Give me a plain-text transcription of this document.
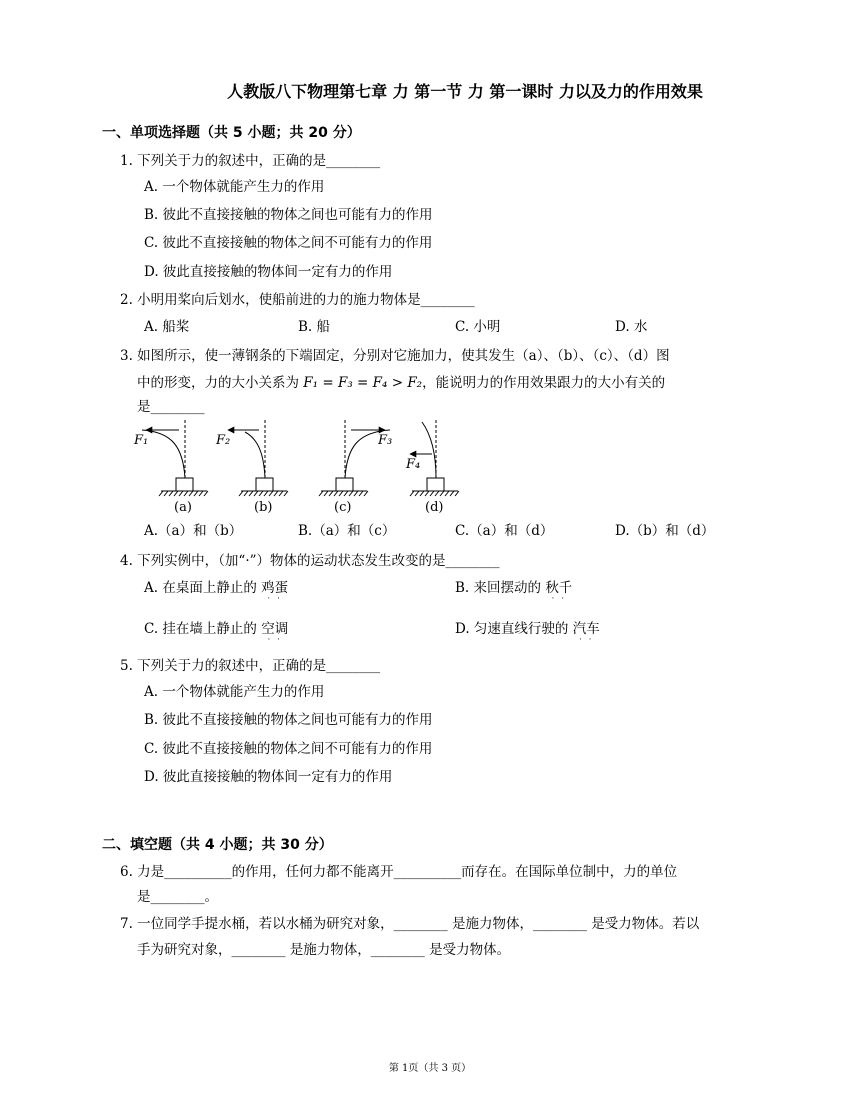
人教版八下物理第七章 力 第一节 力 第一课时 力以及力的作用效果
一、单项选择题（共 5 小题；共 20 分）
1. 下列关于力的叙述中，正确的是________
A. 一个物体就能产生力的作用
B. 彼此不直接接触的物体之间也可能有力的作用
C. 彼此不直接接触的物体之间不可能有力的作用
D. 彼此直接接触的物体间一定有力的作用
2. 小明用桨向后划水，使船前进的力的施力物体是________
A. 船桨	B. 船	C. 小明	D. 水
3. 如图所示，使一薄钢条的下端固定，分别对它施加力，使其发生（a）、（b）、（c）、（d）图
中的形变，力的大小关系为 F₁ = F₃ = F₄ > F₂，能说明力的作用效果跟力的大小有关的
是________
F₁	F₂	F₃
F₄
(a)	(b)	(c)	(d)
A.（a）和（b）	B.（a）和（c）	C.（a）和（d）	D.（b）和（d）
4. 下列实例中，（加“·”）物体的运动状态发生改变的是________
A. 在桌面上静止的 鸡蛋 · ·	B. 来回摆动的 秋千 · ·
C. 挂在墙上静止的 空调 · ·	D. 匀速直线行驶的 汽车 · ·
5. 下列关于力的叙述中，正确的是________
A. 一个物体就能产生力的作用
B. 彼此不直接接触的物体之间也可能有力的作用
C. 彼此不直接接触的物体之间不可能有力的作用
D. 彼此直接接触的物体间一定有力的作用
二、填空题（共 4 小题；共 30 分）
6. 力是__________的作用，任何力都不能离开__________而存在。在国际单位制中，力的单位
是________。
7. 一位同学手提水桶，若以水桶为研究对象，________ 是施力物体，________ 是受力物体。若以
手为研究对象，________ 是施力物体，________ 是受力物体。
第 1页（共 3 页）
